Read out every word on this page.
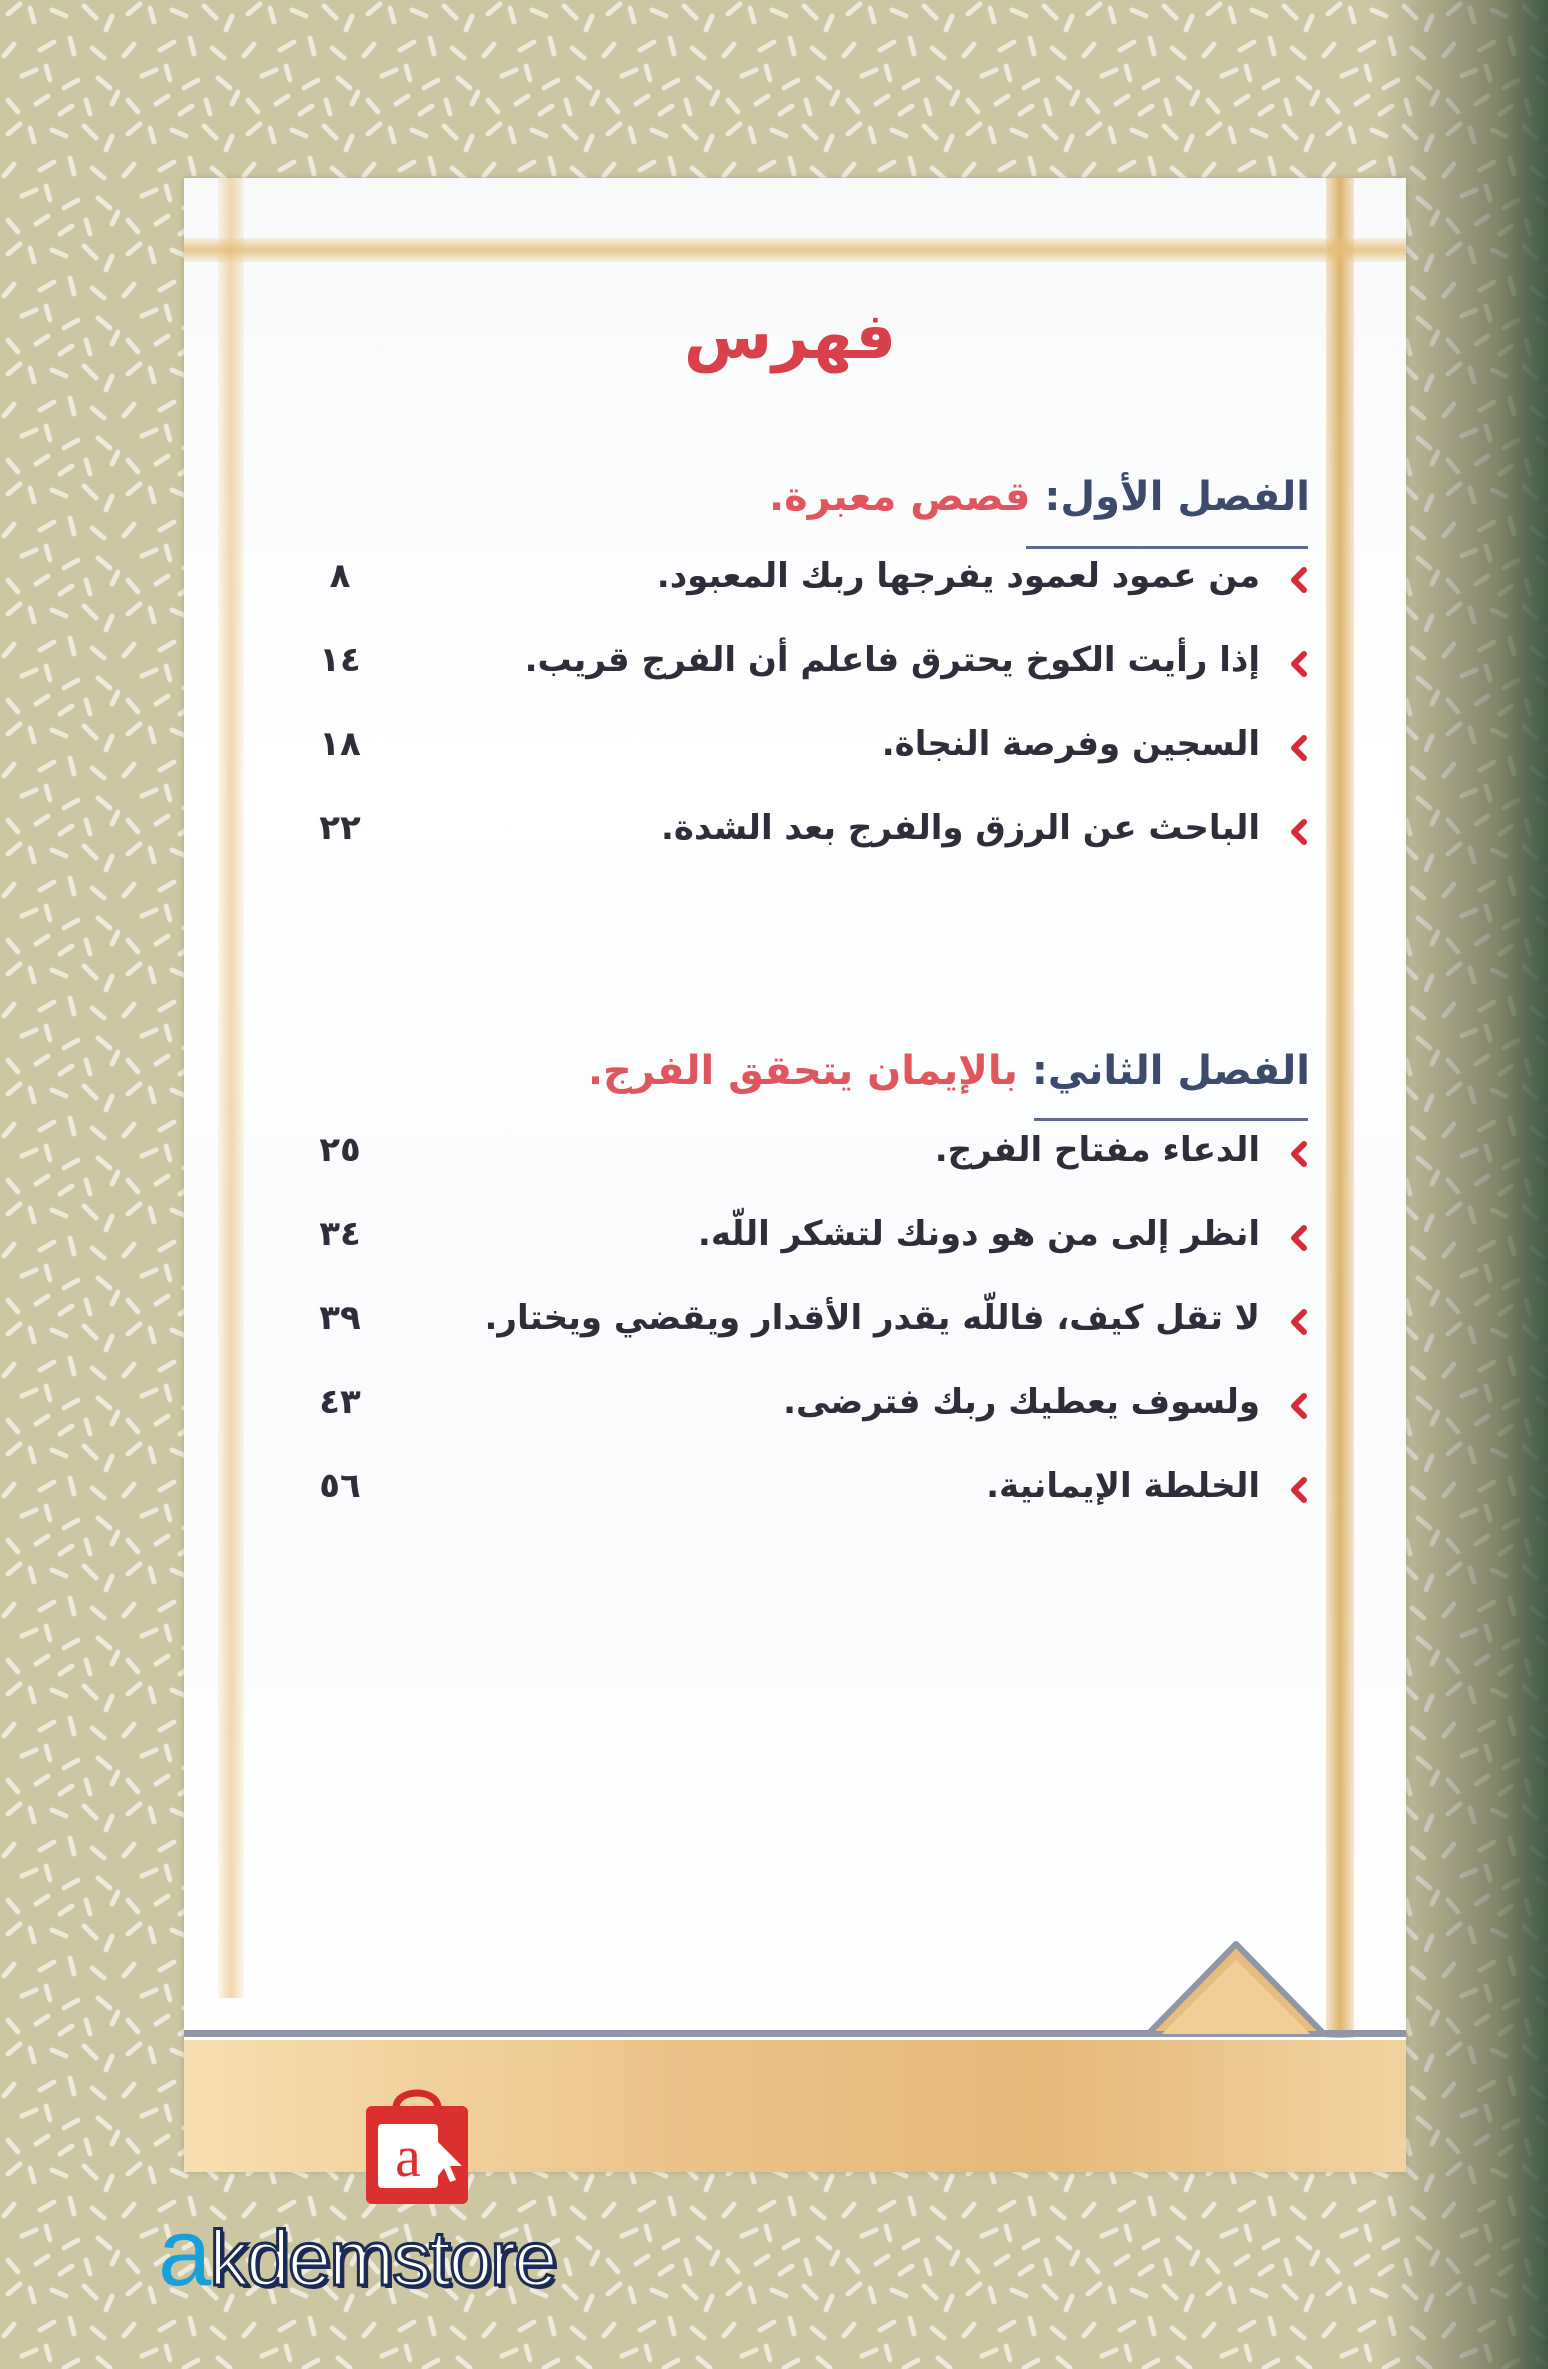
فهرس
الفصل الأول: قصص معبرة.
من عمود لعمود يفرجها ربك المعبود.
٨
إذا رأيت الكوخ يحترق فاعلم أن الفرج قريب.
١٤
السجين وفرصة النجاة.
١٨
الباحث عن الرزق والفرج بعد الشدة.
٢٢
الفصل الثاني: بالإيمان يتحقق الفرج.
الدعاء مفتاح الفرج.
٢٥
انظر إلى من هو دونك لتشكر اللّه.
٣٤
لا تقل كيف، فاللّه يقدر الأقدار ويقضي ويختار.
٣٩
ولسوف يعطيك ربك فترضى.
٤٣
الخلطة الإيمانية.
٥٦
a
akdemstore
